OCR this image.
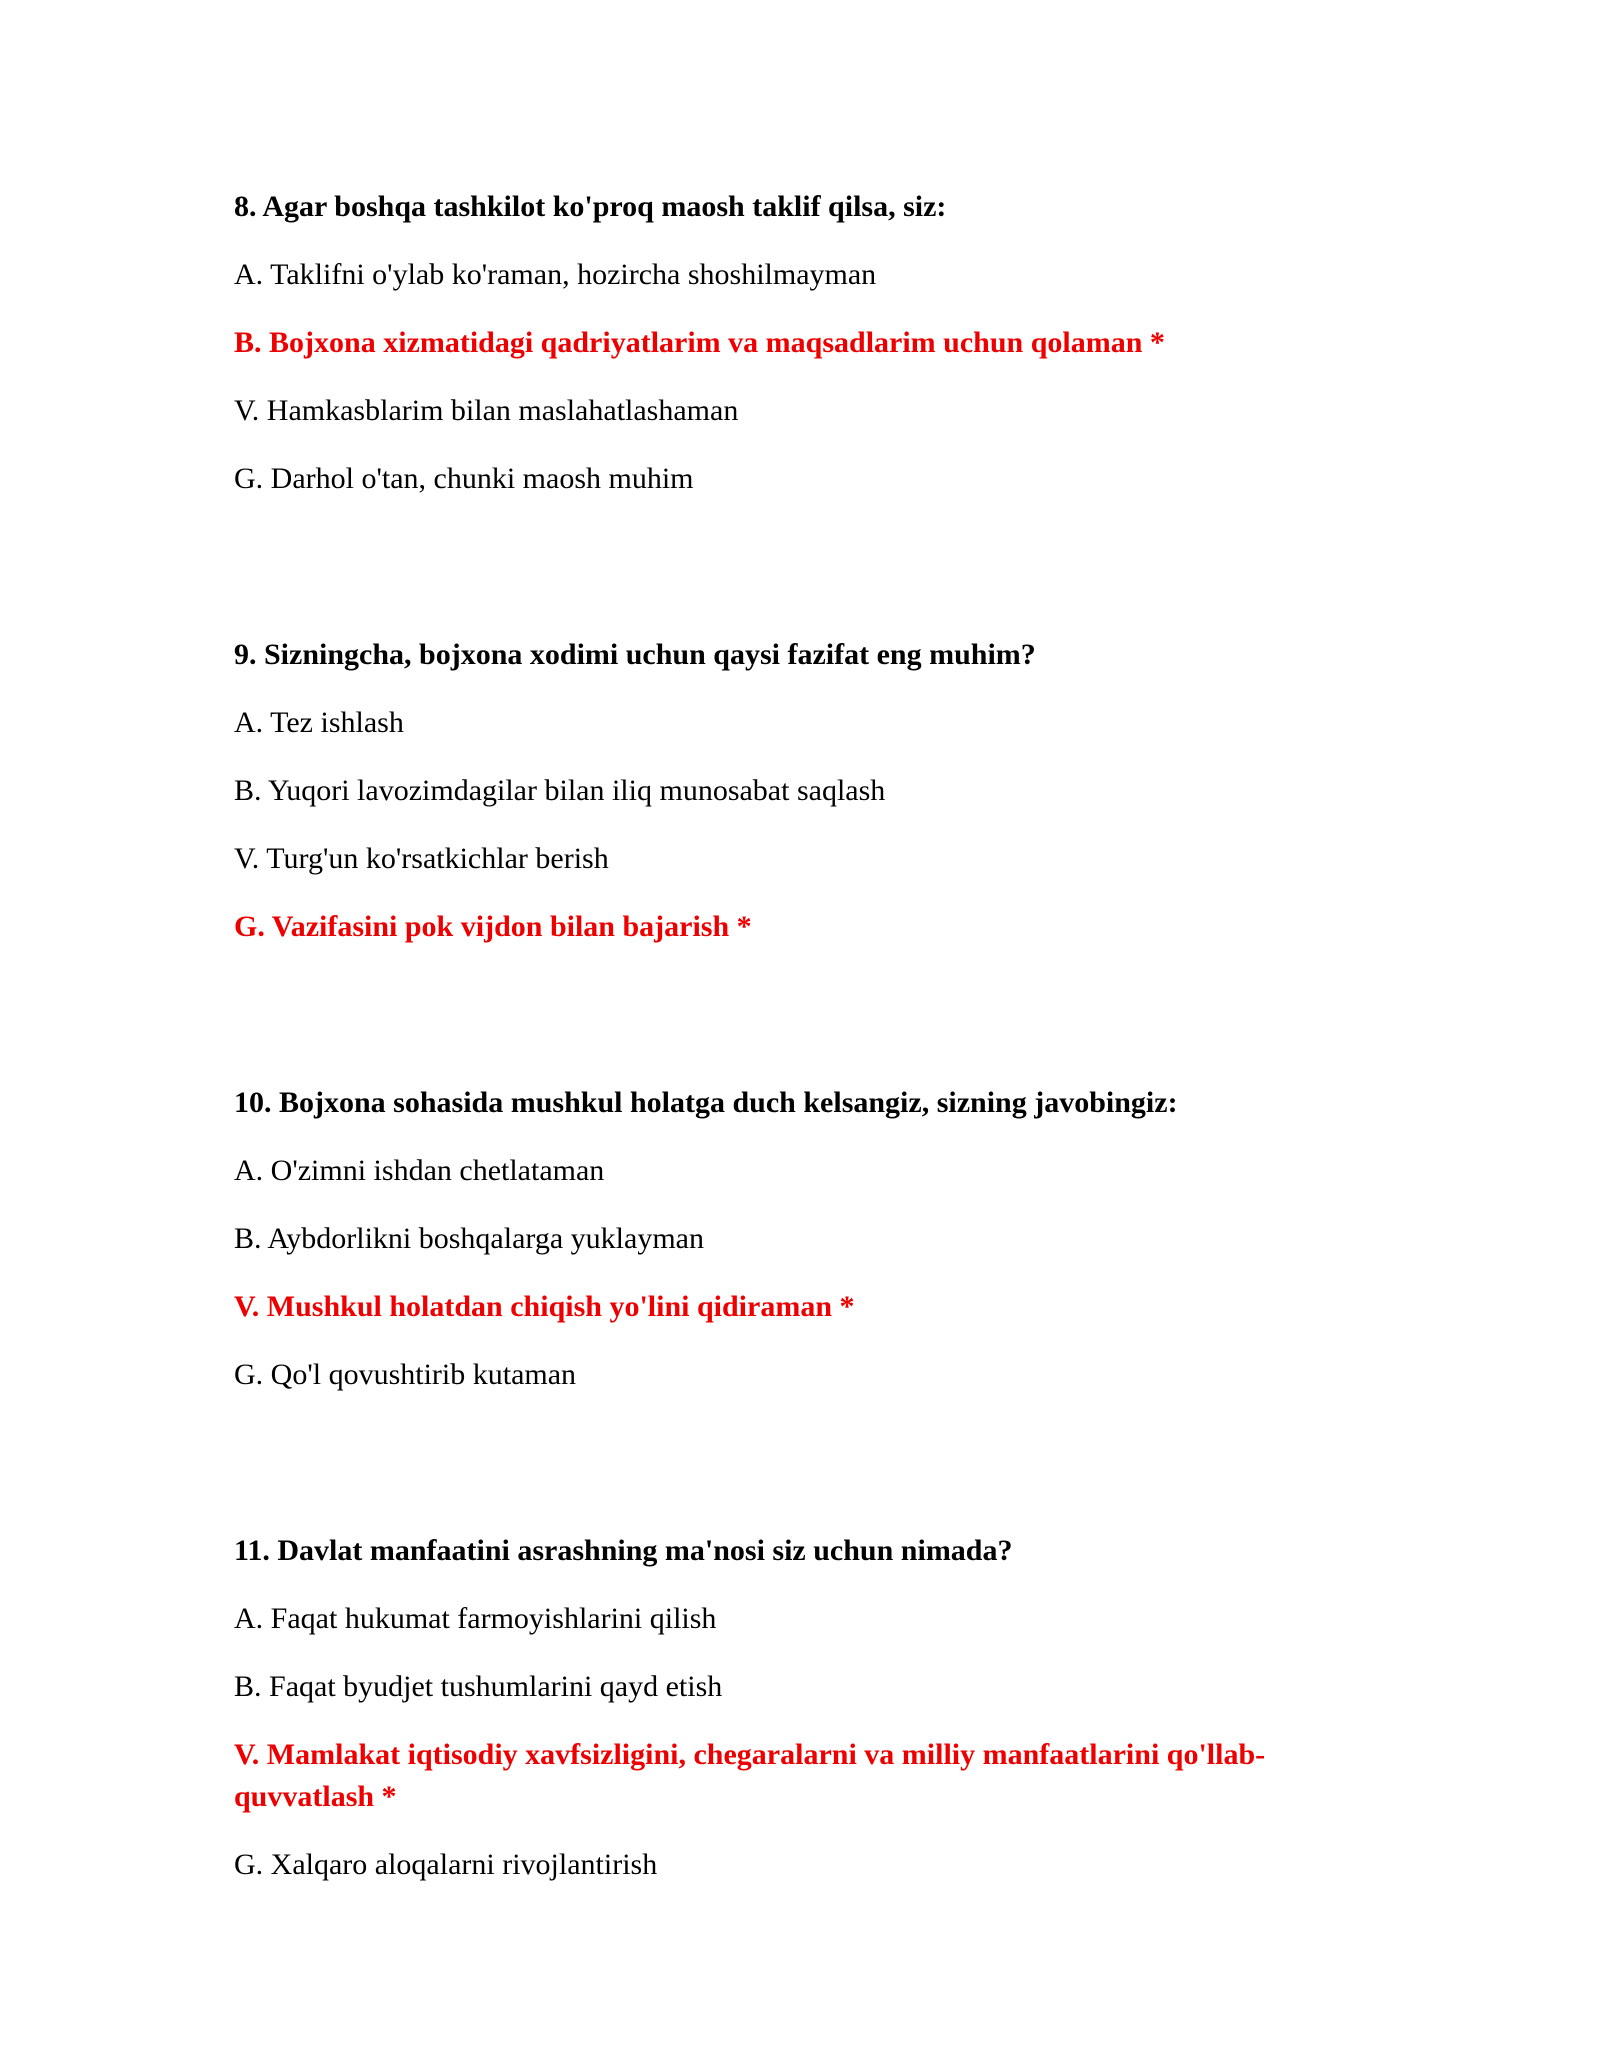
8. Agar boshqa tashkilot ko'proq maosh taklif qilsa, siz:
A. Taklifni o'ylab ko'raman, hozircha shoshilmayman
B. Bojxona xizmatidagi qadriyatlarim va maqsadlarim uchun qolaman *
V. Hamkasblarim bilan maslahatlashaman
G. Darhol o'tan, chunki maosh muhim
9. Sizningcha, bojxona xodimi uchun qaysi fazifat eng muhim?
A. Tez ishlash
B. Yuqori lavozimdagilar bilan iliq munosabat saqlash
V. Turg'un ko'rsatkichlar berish
G. Vazifasini pok vijdon bilan bajarish *
10. Bojxona sohasida mushkul holatga duch kelsangiz, sizning javobingiz:
A. O'zimni ishdan chetlataman
B. Aybdorlikni boshqalarga yuklayman
V. Mushkul holatdan chiqish yo'lini qidiraman *
G. Qo'l qovushtirib kutaman
11. Davlat manfaatini asrashning ma'nosi siz uchun nimada?
A. Faqat hukumat farmoyishlarini qilish
B. Faqat byudjet tushumlarini qayd etish
V. Mamlakat iqtisodiy xavfsizligini, chegaralarni va milliy manfaatlarini qo'llab-quvvatlash *
G. Xalqaro aloqalarni rivojlantirish
